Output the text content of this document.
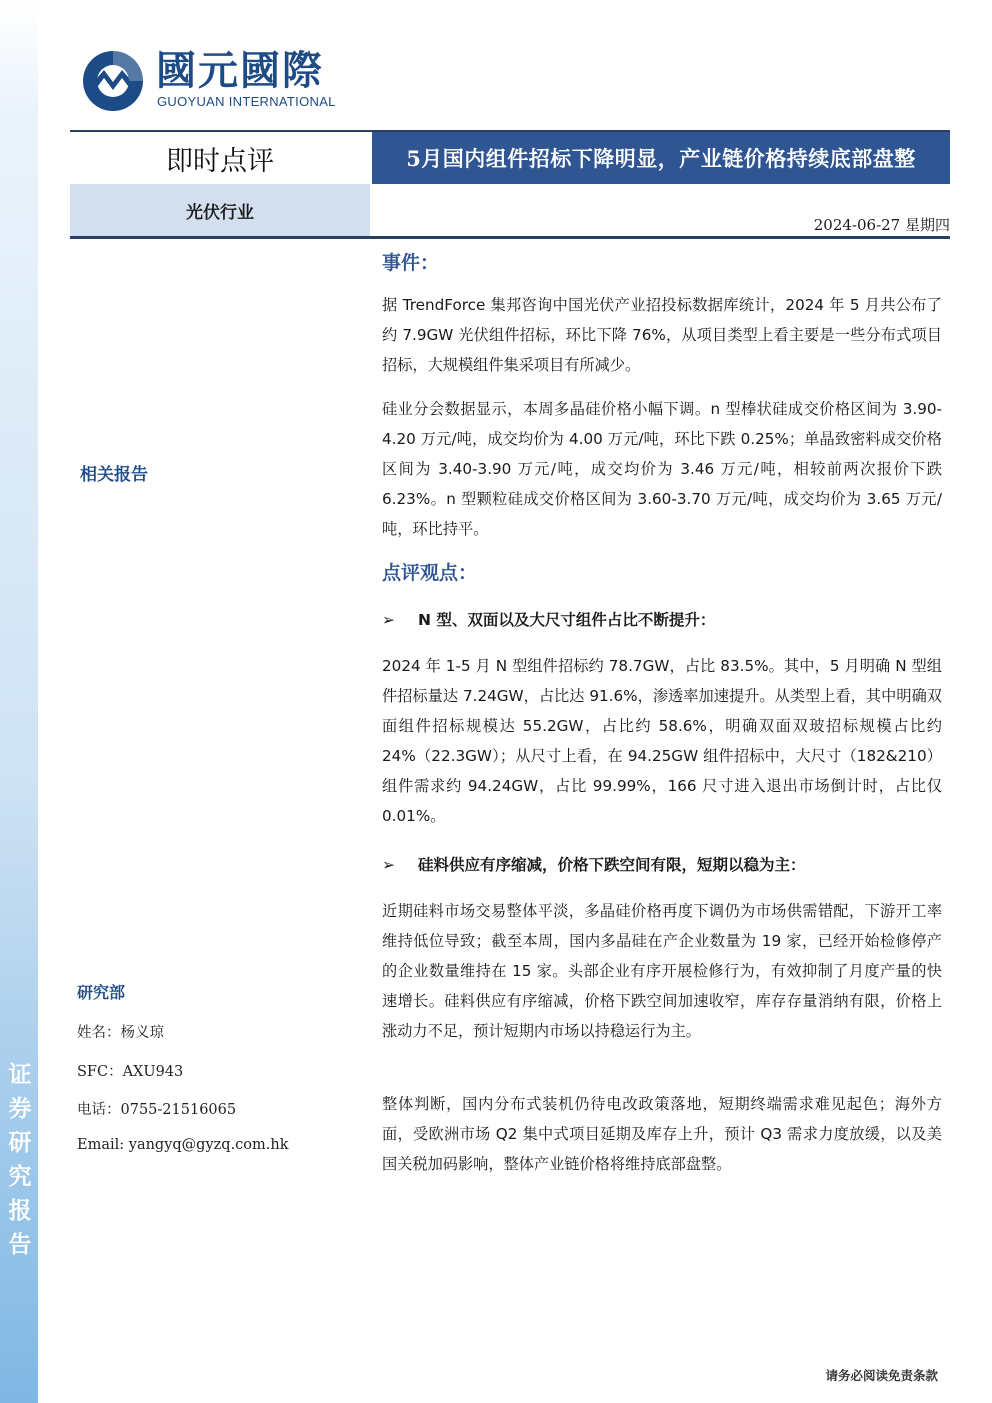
证券研究报告
國元國際
GUOYUAN INTERNATIONAL
即时点评	5月国内组件招标下降明显，产业链价格持续底部盘整
光伏行业
2024-06-27 星期四
相关报告
研究部
姓名：杨义琼
SFC：AXU943
电话：0755-21516065
Email: yangyq@gyzq.com.hk
事件：
据 TrendForce 集邦咨询中国光伏产业招投标数据库统计，2024 年 5 月共公布了约 7.9GW 光伏组件招标，环比下降 76%，从项目类型上看主要是一些分布式项目招标，大规模组件集采项目有所减少。
硅业分会数据显示，本周多晶硅价格小幅下调。n 型棒状硅成交价格区间为 3.90-4.20 万元/吨，成交均价为 4.00 万元/吨，环比下跌 0.25%；单晶致密料成交价格区间为 3.40-3.90 万元/吨，成交均价为 3.46 万元/吨，相较前两次报价下跌 6.23%。n 型颗粒硅成交价格区间为 3.60-3.70 万元/吨，成交均价为 3.65 万元/吨，环比持平。
点评观点：
➢ N 型、双面以及大尺寸组件占比不断提升：
2024 年 1-5 月 N 型组件招标约 78.7GW，占比 83.5%。其中，5 月明确 N 型组件招标量达 7.24GW，占比达 91.6%，渗透率加速提升。从类型上看，其中明确双面组件招标规模达 55.2GW，占比约 58.6%，明确双面双玻招标规模占比约 24%（22.3GW）；从尺寸上看，在 94.25GW 组件招标中，大尺寸（182&210）组件需求约 94.24GW，占比 99.99%，166 尺寸进入退出市场倒计时，占比仅 0.01%。
➢ 硅料供应有序缩减，价格下跌空间有限，短期以稳为主：
近期硅料市场交易整体平淡，多晶硅价格再度下调仍为市场供需错配，下游开工率维持低位导致；截至本周，国内多晶硅在产企业数量为 19 家，已经开始检修停产的企业数量维持在 15 家。头部企业有序开展检修行为，有效抑制了月度产量的快速增长。硅料供应有序缩减，价格下跌空间加速收窄，库存存量消纳有限，价格上涨动力不足，预计短期内市场以持稳运行为主。
整体判断，国内分布式装机仍待电改政策落地，短期终端需求难见起色；海外方面，受欧洲市场 Q2 集中式项目延期及库存上升，预计 Q3 需求力度放缓，以及美国关税加码影响，整体产业链价格将维持底部盘整。
请务必阅读免责条款
